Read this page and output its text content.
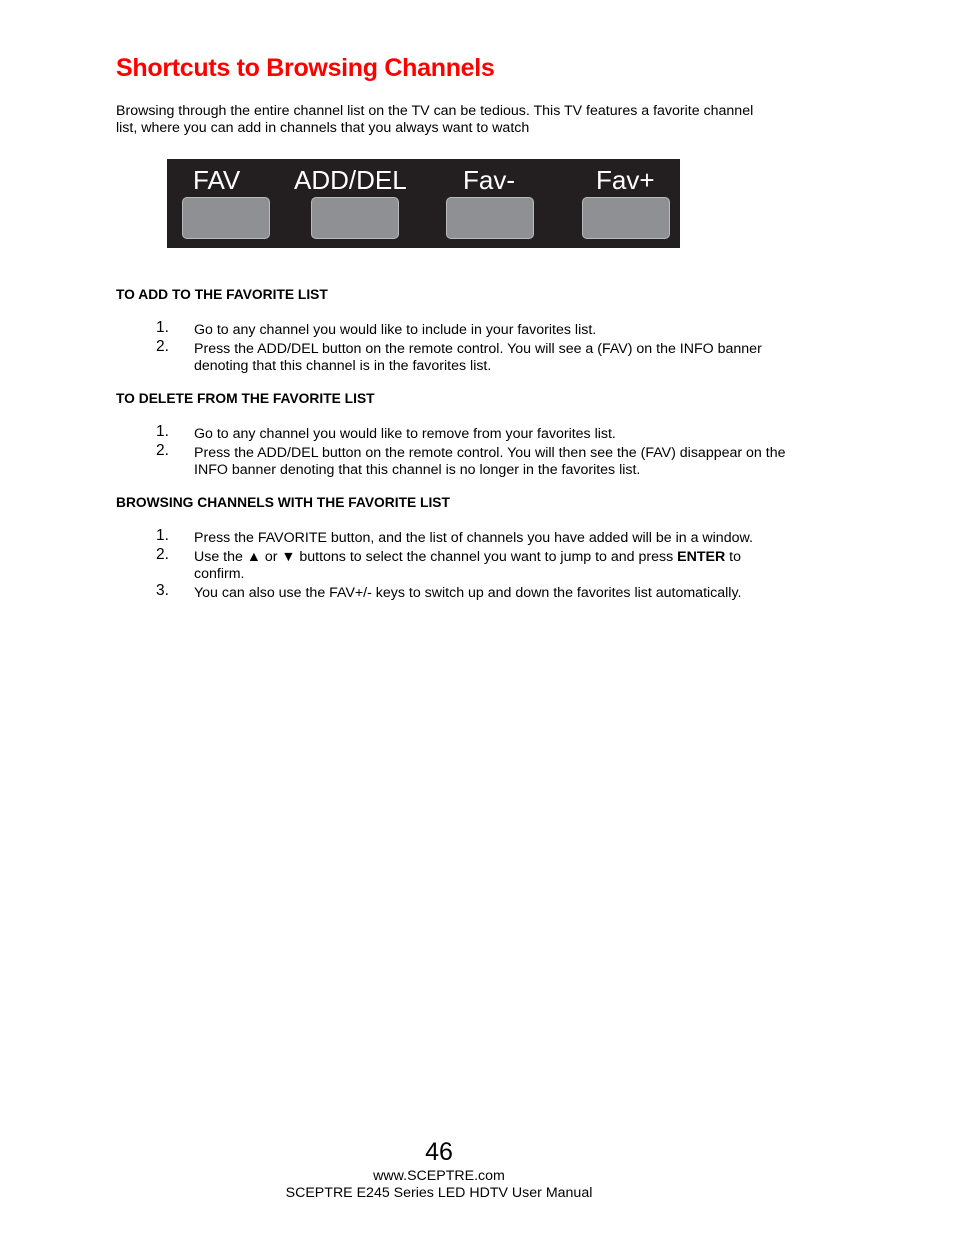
Shortcuts to Browsing Channels
Browsing through the entire channel list on the TV can be tedious. This TV features a favorite channel list, where you can add in channels that you always want to watch
FAV	ADD/DEL Fav-	Fav+
TO ADD TO THE FAVORITE LIST
1. Go to any channel you would like to include in your favorites list.
2. Press the ADD/DEL button on the remote control. You will see a (FAV) on the INFO banner denoting that this channel is in the favorites list.
TO DELETE FROM THE FAVORITE LIST
1. Go to any channel you would like to remove from your favorites list.
2. Press the ADD/DEL button on the remote control. You will then see the (FAV) disappear on the INFO banner denoting that this channel is no longer in the favorites list.
BROWSING CHANNELS WITH THE FAVORITE LIST
1. Press the FAVORITE button, and the list of channels you have added will be in a window.
2. Use the ▲ or ▼ buttons to select the channel you want to jump to and press ENTER to confirm.
3. You can also use the FAV+/- keys to switch up and down the favorites list automatically.
46
www.SCEPTRE.com
SCEPTRE E245 Series LED HDTV User Manual
